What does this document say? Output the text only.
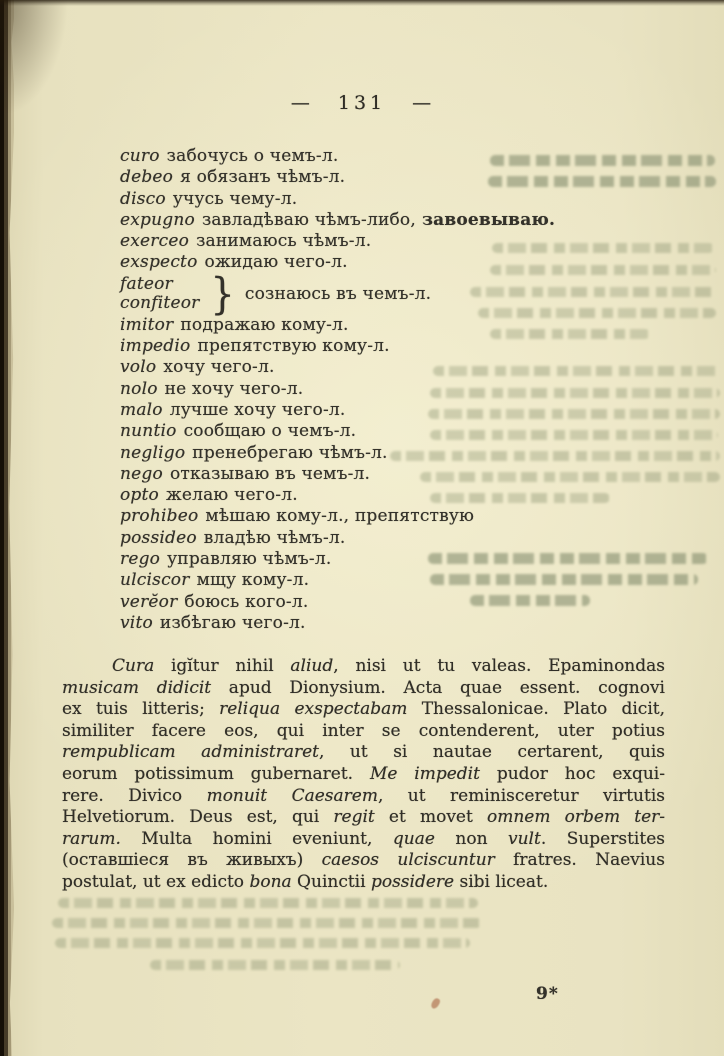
— 131 —
curo забочусь о чемъ-л.
debeo я обязанъ чѣмъ-л.
disco учусь чему-л.
expugno завладѣваю чѣмъ-либо, завоевываю.
exerceo занимаюсь чѣмъ-л.
exspecto ожидаю чего-л.
fateor
confiteor } сознаюсь въ чемъ-л.
imitor подражаю кому-л.
impedio препятствую кому-л.
volo хочу чего-л.
nolo не хочу чего-л.
malo лучше хочу чего-л.
nuntio сообщаю о чемъ-л.
negligo пренебрегаю чѣмъ-л.
nego отказываю въ чемъ-л.
opto желаю чего-л.
prohibeo мѣшаю кому-л., препятствую
possideo владѣю чѣмъ-л.
rego управляю чѣмъ-л.
ulciscor мщу кому-л.
verĕor боюсь кого-л.
vito избѣгаю чего-л.
Cura igĭtur nihil aliud, nisi ut tu valeas. Epaminondas
musicam didicit apud Dionysium. Acta quae essent. cognovi
ex tuis litteris; reliqua exspectabam Thessalonicae. Plato dicit,
similiter facere eos, qui inter se contenderent, uter potius
rempublicam administraret, ut si nautae certarent, quis
eorum potissimum gubernaret. Me impedit pudor hoc exqui-
rere. Divico monuit Caesarem, ut reminisceretur virtutis
Helvetiorum. Deus est, qui regit et movet omnem orbem ter-
rarum. Multa homini eveniunt, quae non vult. Superstites
(оставшіеся въ живыхъ) caesos ulciscuntur fratres. Naevius
postulat, ut ex edicto bona Quinctii possidere sibi liceat.
9*
